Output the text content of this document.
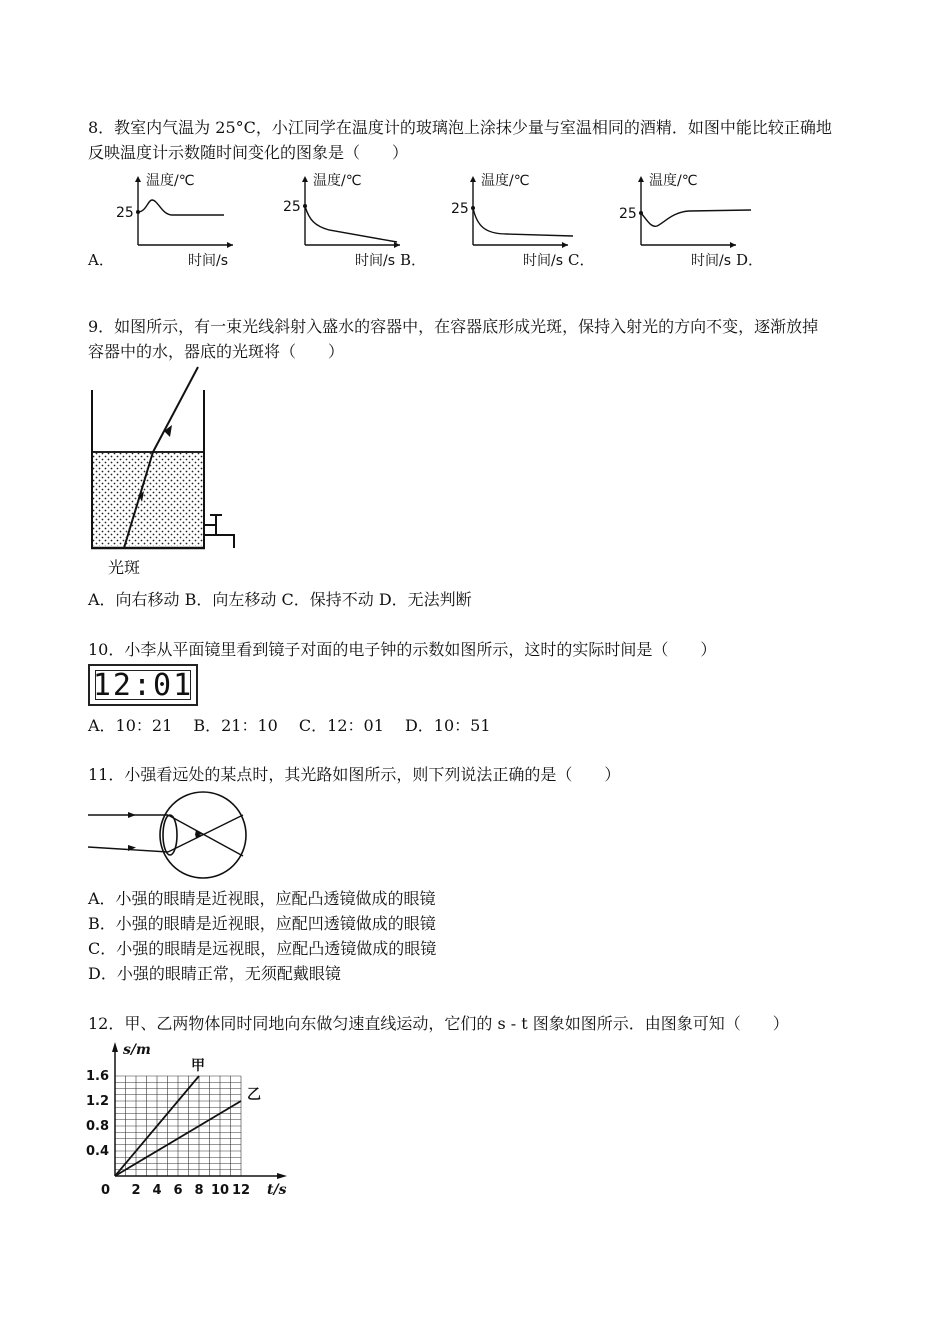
8．教室内气温为 25°C，小江同学在温度计的玻璃泡上涂抹少量与室温相同的酒精．如图中能比较正确地
反映温度计示数随时间变化的图象是（　　）
温度/℃
25
时间/s
温度/℃
25
时间/s
温度/℃
25
时间/s
温度/℃
25
时间/s
A．	B．	C．	D．
9．如图所示，有一束光线斜射入盛水的容器中，在容器底形成光斑，保持入射光的方向不变，逐渐放掉
容器中的水，器底的光斑将（　　）
光斑
A．向右移动 B．向左移动 C．保持不动 D．无法判断
10．小李从平面镜里看到镜子对面的电子钟的示数如图所示，这时的实际时间是（　　）
12:01
A．10：21　 B．21：10　 C．12：01　 D．10：51
11．小强看远处的某点时，其光路如图所示，则下列说法正确的是（　　）
A．小强的眼睛是近视眼，应配凸透镜做成的眼镜
B．小强的眼睛是近视眼，应配凹透镜做成的眼镜
C．小强的眼睛是远视眼，应配凸透镜做成的眼镜
D．小强的眼睛正常，无须配戴眼镜
12．甲、乙两物体同时同地向东做匀速直线运动，它们的 s - t 图象如图所示．由图象可知（　　）
s/m
t/s
0 2 4 6 8 10 12
1.6
1.2
0.8
0.4
甲
乙
